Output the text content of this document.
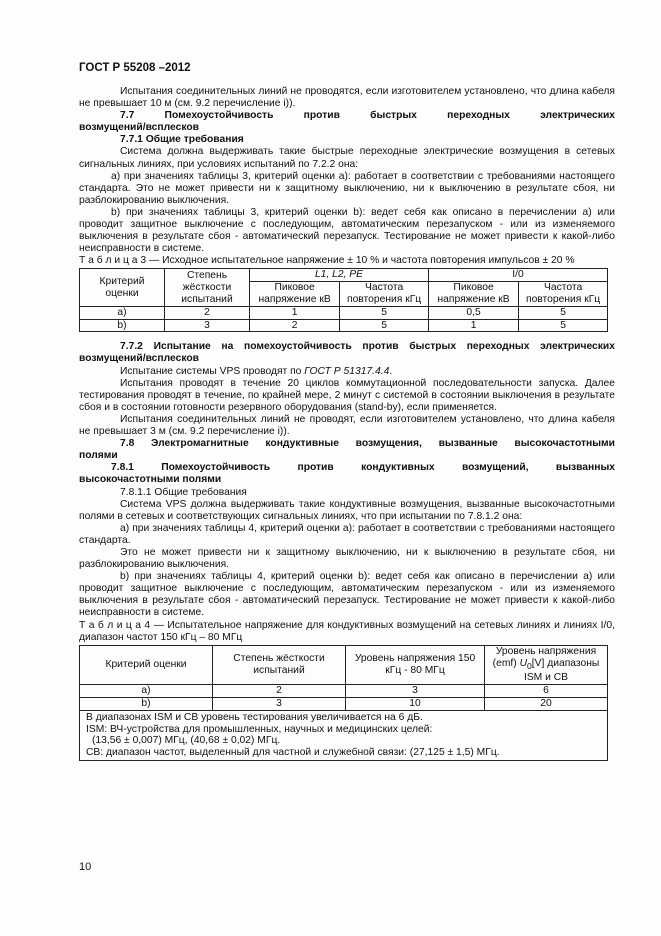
ГОСТ Р 55208 –2012

Испытания соединительных линий не проводятся, если изготовителем установлено, что длина кабеля не превышает 10 м (см. 9.2 перечисление i)).

7.7 Помехоустойчивость против быстрых переходных электрических

возмущений/всплесков

7.7.1 Общие требования

Система должна выдерживать такие быстрые переходные электрические возмущения в сетевых сигнальных линиях, при условиях испытаний по 7.2.2 она:

а) при значениях таблицы 3, критерий оценки а): работает в соответствии с требованиями настоящего стандарта. Это не может привести ни к защитному выключению, ни к выключению в результате сбоя, ни разблокированию выключения.

b) при значениях таблицы 3, критерий оценки b): ведет себя как описано в перечислении а) или проводит защитное выключение с последующим, автоматическим перезапуском - или из изменяемого выключения в результате сбоя - автоматический перезапуск. Тестирование не может привести к какой-либо неисправности в системе.

Т а б л и ц а 3 — Исходное испытательное напряжение ± 10 % и частота повторения импульсов ± 20 %

Критерий оценки	Степень жёсткости испытаний	L1, L2, PE		I/0	
		Пиковое напряжение кВ	Частота повторения кГц	Пиковое напряжение кВ	Частота повторения кГц
a)	2	1	5	0,5	5
b)	3	2	5	1	5

7.7.2 Испытание на помехоустойчивость против быстрых переходных электрических

возмущений/всплесков

Испытание системы VPS проводят по ГОСТ Р 51317.4.4.

Испытания проводят в течение 20 циклов коммутационной последовательности запуска. Далее тестирования проводят в течение, по крайней мере, 2 минут с системой в состоянии выключения в результате сбоя и в состоянии готовности резервного оборудования (stand-by), если применяется.

Испытания соединительных линий не проводят, если изготовителем установлено, что длина кабеля не превышает 3 м (см. 9.2 перечисление i)).

7.8 Электромагнитные кондуктивные возмущения, вызванные высокочастотными

полями

7.8.1 Помехоустойчивость против кондуктивных возмущений, вызванных

высокочастотными полями

7.8.1.1 Общие требования

Система VPS должна выдерживать такие кондуктивные возмущения, вызванные высокочастотными полями в сетевых и соответствующих сигнальных линиях, что при испытании по 7.8.1.2 она:

а) при значениях таблицы 4, критерий оценки а): работает в соответствии с требованиями настоящего стандарта.

Это не может привести ни к защитному выключению, ни к выключению в результате сбоя, ни разблокированию выключения.

b) при значениях таблицы 4, критерий оценки b): ведет себя как описано в перечислении а) или проводит защитное выключение с последующим, автоматическим перезапуском - или из изменяемого выключения в результате сбоя - автоматический перезапуск. Тестирование не может привести к какой-либо неисправности в системе.

Т а б л и ц а 4 — Испытательное напряжение для кондуктивных возмущений на сетевых линиях и линиях I/0, диапазон частот 150 кГц – 80 МГц

Критерий оценки	Степень жёсткости испытаний	Уровень напряжения 150 кГц - 80 МГц	Уровень напряжения (emf) $U_0[V]$ диапазоны ISM и CB
a)	2	3	6
b)	3	10	20

В диапазонах ISM и CB уровень тестирования увеличивается на 6 дБ.
ISM: ВЧ-устройства для промышленных, научных и медицинских целей:
(13,56 ± 0,007) МГц, (40,68 ± 0,02) МГц.
CB: диапазон частот, выделенный для частной и служебной связи: (27,125 ± 1,5) МГц.			
10
